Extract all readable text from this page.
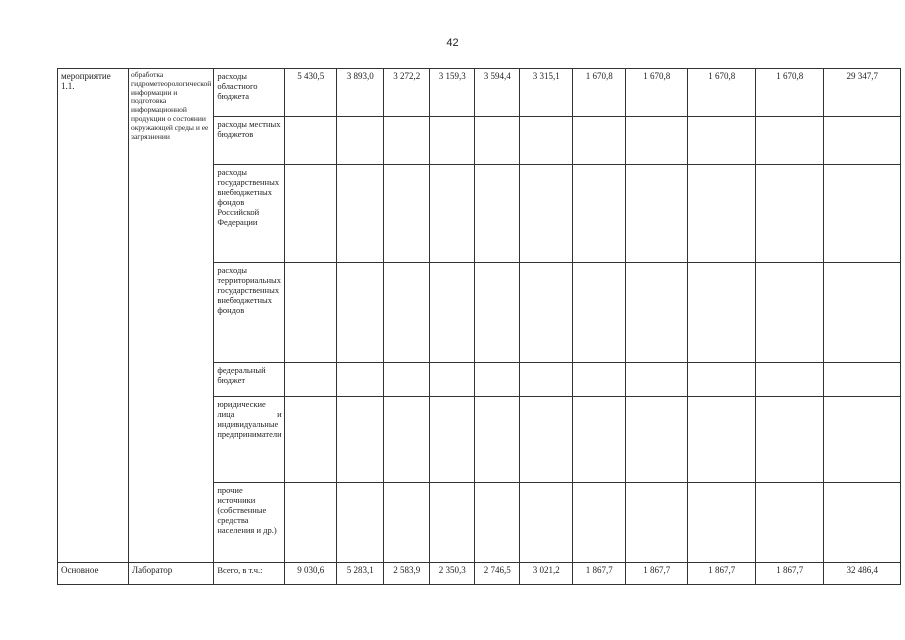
42
мероприятие 1.1.	обработка гидрометеорологической информации и подготовка информационной продукции о состоянии окружающей среды и ее загрязнении	расходы областного бюджета	5 430,5	3 893,0	3 272,2	3 159,3	3 594,4	3 315,1	1 670,8	1 670,8	1 670,8	1 670,8	29 347,7
		расходы местных бюджетов											
		расходы государственных внебюджетных фондов Российской Федерации											
		расходы территориальных государственных внебюджетных фондов											
		федеральный бюджет											
		юридические лица и индивидуальные предприниматели											
		прочие источники (собственные средства населения и др.)											
Основное	Лаборатор	Всего, в т.ч.:	9 030,6	5 283,1	2 583,9	2 350,3	2 746,5	3 021,2	1 867,7	1 867,7	1 867,7	1 867,7	32 486,4
